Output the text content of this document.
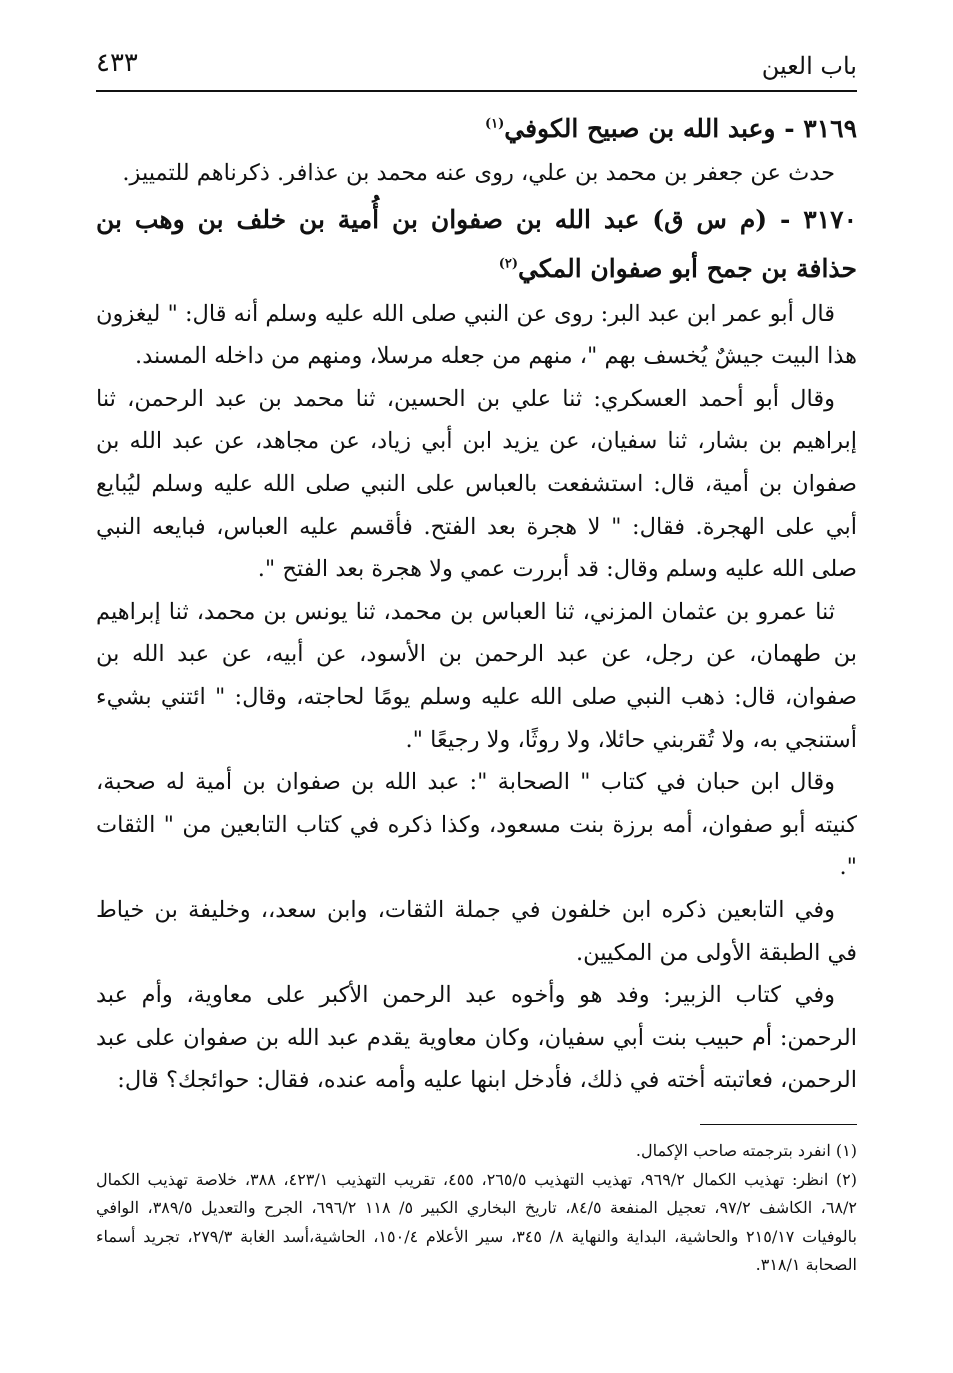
باب العين
٤٣٣
٣١٦٩ - وعبد الله بن صبيح الكوفي$^{(١)}$

حدث عن جعفر بن محمد بن علي، روى عنه محمد بن عذافر. ذكرناهم للتمييز.

٣١٧٠ - (م س ق) عبد الله بن صفوان بن أُمية بن خلف بن وهب بن حذافة بن جمح أبو صفوان المكي$^{(٢)}$

قال أبو عمر ابن عبد البر: روى عن النبي صلى الله عليه وسلم أنه قال: " ليغزون هذا البيت جيشٌ يُخسف بهم "، منهم من جعله مرسلا، ومنهم من داخله المسند.

وقال أبو أحمد العسكري: ثنا علي بن الحسين، ثنا محمد بن عبد الرحمن، ثنا إبراهيم بن بشار، ثنا سفيان، عن يزيد ابن أبي زياد، عن مجاهد، عن عبد الله بن صفوان بن أمية، قال: استشفعت بالعباس على النبي صلى الله عليه وسلم ليُبايع أبي على الهجرة. فقال: " لا هجرة بعد الفتح. فأقسم عليه العباس، فبايعه النبي صلى الله عليه وسلم وقال: قد أبررت عمي ولا هجرة بعد الفتح ".

ثنا عمرو بن عثمان المزني، ثنا العباس بن محمد، ثنا يونس بن محمد، ثنا إبراهيم بن طهمان، عن رجل، عن عبد الرحمن بن الأسود، عن أبيه، عن عبد الله بن صفوان، قال: ذهب النبي صلى الله عليه وسلم يومًا لحاجته، وقال: " ائتني بشيء أستنجي به، ولا تُقربني حائلا، ولا روثًا، ولا رجيعًا ".

وقال ابن حبان في كتاب " الصحابة ": عبد الله بن صفوان بن أمية له صحبة، كنيته أبو صفوان، أمه برزة بنت مسعود، وكذا ذكره في كتاب التابعين من " الثقات ".

وفي التابعين ذكره ابن خلفون في جملة الثقات، وابن سعد،، وخليفة بن خياط في الطبقة الأولى من المكيين.

وفي كتاب الزبير: وفد هو وأخوه عبد الرحمن الأكبر على معاوية، وأم عبد الرحمن: أم حبيب بنت أبي سفيان، وكان معاوية يقدم عبد الله بن صفوان على عبد الرحمن، فعاتبته أخته في ذلك، فأدخل ابنها عليه وأمه عنده، فقال: حوائجك؟ قال:

(١) انفرد بترجمته صاحب الإكمال.
(٢) انظر: تهذيب الكمال ٩٦٩/٢، تهذيب التهذيب ٢٦٥/٥، ٤٥٥، تقريب التهذيب ٤٢٣/١، ٣٨٨، خلاصة تهذيب الكمال ٦٨/٢، الكاشف ٩٧/٢، تعجيل المنفعة ٨٤/٥، تاريخ البخاري الكبير ٥/ ١١٨ ٦٩٦/٢، الجرح والتعديل ٣٨٩/٥، الوافي بالوفيات ٢١٥/١٧ والحاشية، البداية والنهاية ٨/ ٣٤٥، سير الأعلام ١٥٠/٤، الحاشية،أسد الغابة ٢٧٩/٣، تجريد أسماء الصحابة ٣١٨/١.
